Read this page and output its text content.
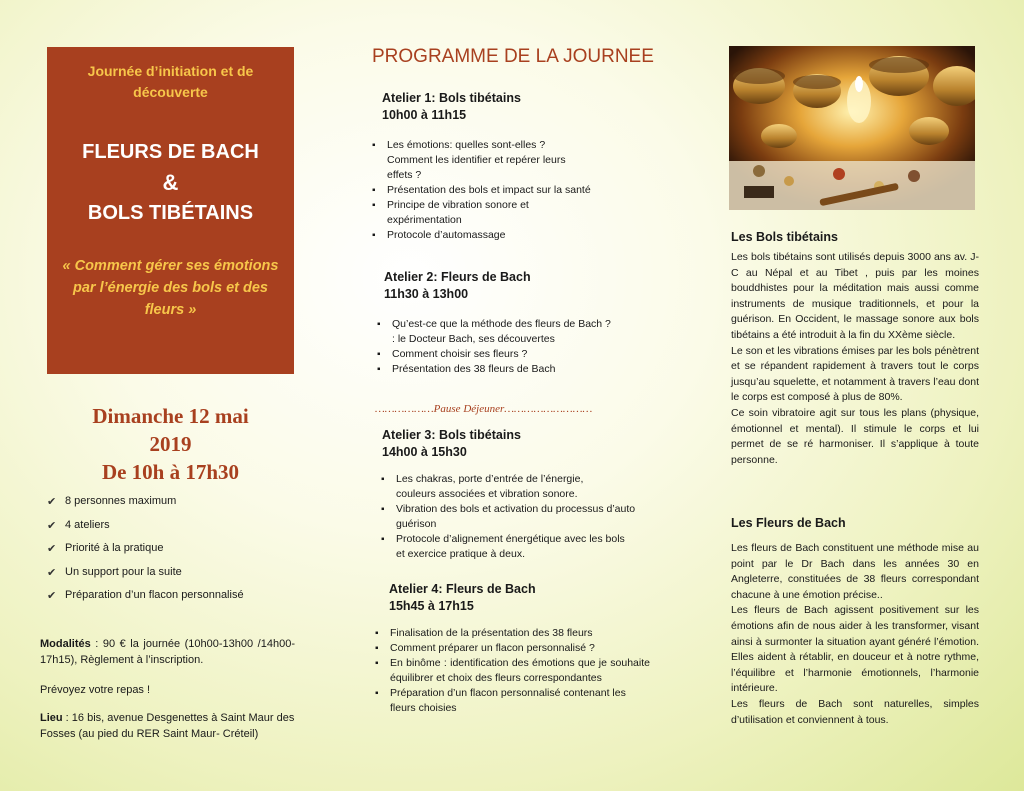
Journée d’initiation et de découverte
FLEURS DE BACH
&
BOLS TIBÉTAINS
« Comment gérer ses émotions par l’énergie des bols et des fleurs »
Dimanche 12 mai
2019
De 10h à 17h30
✔ 8 personnes maximum
✔ 4 ateliers
✔ Priorité à la pratique
✔ Un support pour la suite
✔ Préparation d’un flacon personnalisé

Modalités : 90 € la journée (10h00-13h00 /14h00-17h15), Règlement à l’inscription.

Prévoyez votre repas !

Lieu : 16 bis, avenue Desgenettes à Saint Maur des Fosses (au pied du RER Saint Maur- Créteil)

PROGRAMME DE LA JOURNEE
Atelier 1: Bols tibétains
10h00 à 11h15
▪ Les émotions: quelles sont-elles ? Comment les identifier et repérer leurs effets ?
▪ Présentation des bols et impact sur la santé
▪ Principe de vibration sonore et expérimentation
▪ Protocole d’automassage
Atelier 2: Fleurs de Bach
11h30 à 13h00
▪ Qu’est-ce que la méthode des fleurs de Bach ? : le Docteur Bach, ses découvertes
▪ Comment choisir ses fleurs ?
▪ Présentation des 38 fleurs de Bach
………………Pause Déjeuner………………………
Atelier 3: Bols tibétains
14h00 à 15h30
▪ Les chakras, porte d’entrée de l’énergie, couleurs associées et vibration sonore.
▪ Vibration des bols et activation du processus d’auto guérison
▪ Protocole d’alignement énergétique avec les bols et exercice pratique à deux.
Atelier 4: Fleurs de Bach
15h45 à 17h15
▪ Finalisation de la présentation des 38 fleurs
▪ Comment préparer un flacon personnalisé ?
▪ En binôme : identification des émotions que je souhaite équilibrer et choix des fleurs correspondantes
▪ Préparation d’un flacon personnalisé contenant les fleurs choisies
Les Bols tibétains
Les bols tibétains sont utilisés depuis 3000 ans av. J-C au Népal et au Tibet , puis par les moines bouddhistes pour la méditation mais aussi comme instruments de musique traditionnels, et pour la guérison. En Occident, le massage sonore aux bols tibétains a été introduit à la fin du XXème siècle.
Le son et les vibrations émises par les bols pénètrent et se répandent rapidement à travers tout le corps jusqu’au squelette, et notamment à travers l’eau dont le corps est composé à plus de 80%.
Ce soin vibratoire agit sur tous les plans (physique, émotionnel et mental). Il stimule le corps et lui permet de se ré harmoniser. Il s’applique à toute personne.
Les Fleurs de Bach
Les fleurs de Bach constituent une méthode mise au point par le Dr Bach dans les années 30 en Angleterre, constituées de 38 fleurs correspondant chacune à une émotion précise..
Les fleurs de Bach agissent positivement sur les émotions afin de nous aider à les transformer, visant ainsi à surmonter la situation ayant généré l’émotion. Elles aident à rétablir, en douceur et à notre rythme, l’équilibre et l’harmonie émotionnels, l’harmonie intérieure.
Les fleurs de Bach sont naturelles, simples d’utilisation et conviennent à tous.
